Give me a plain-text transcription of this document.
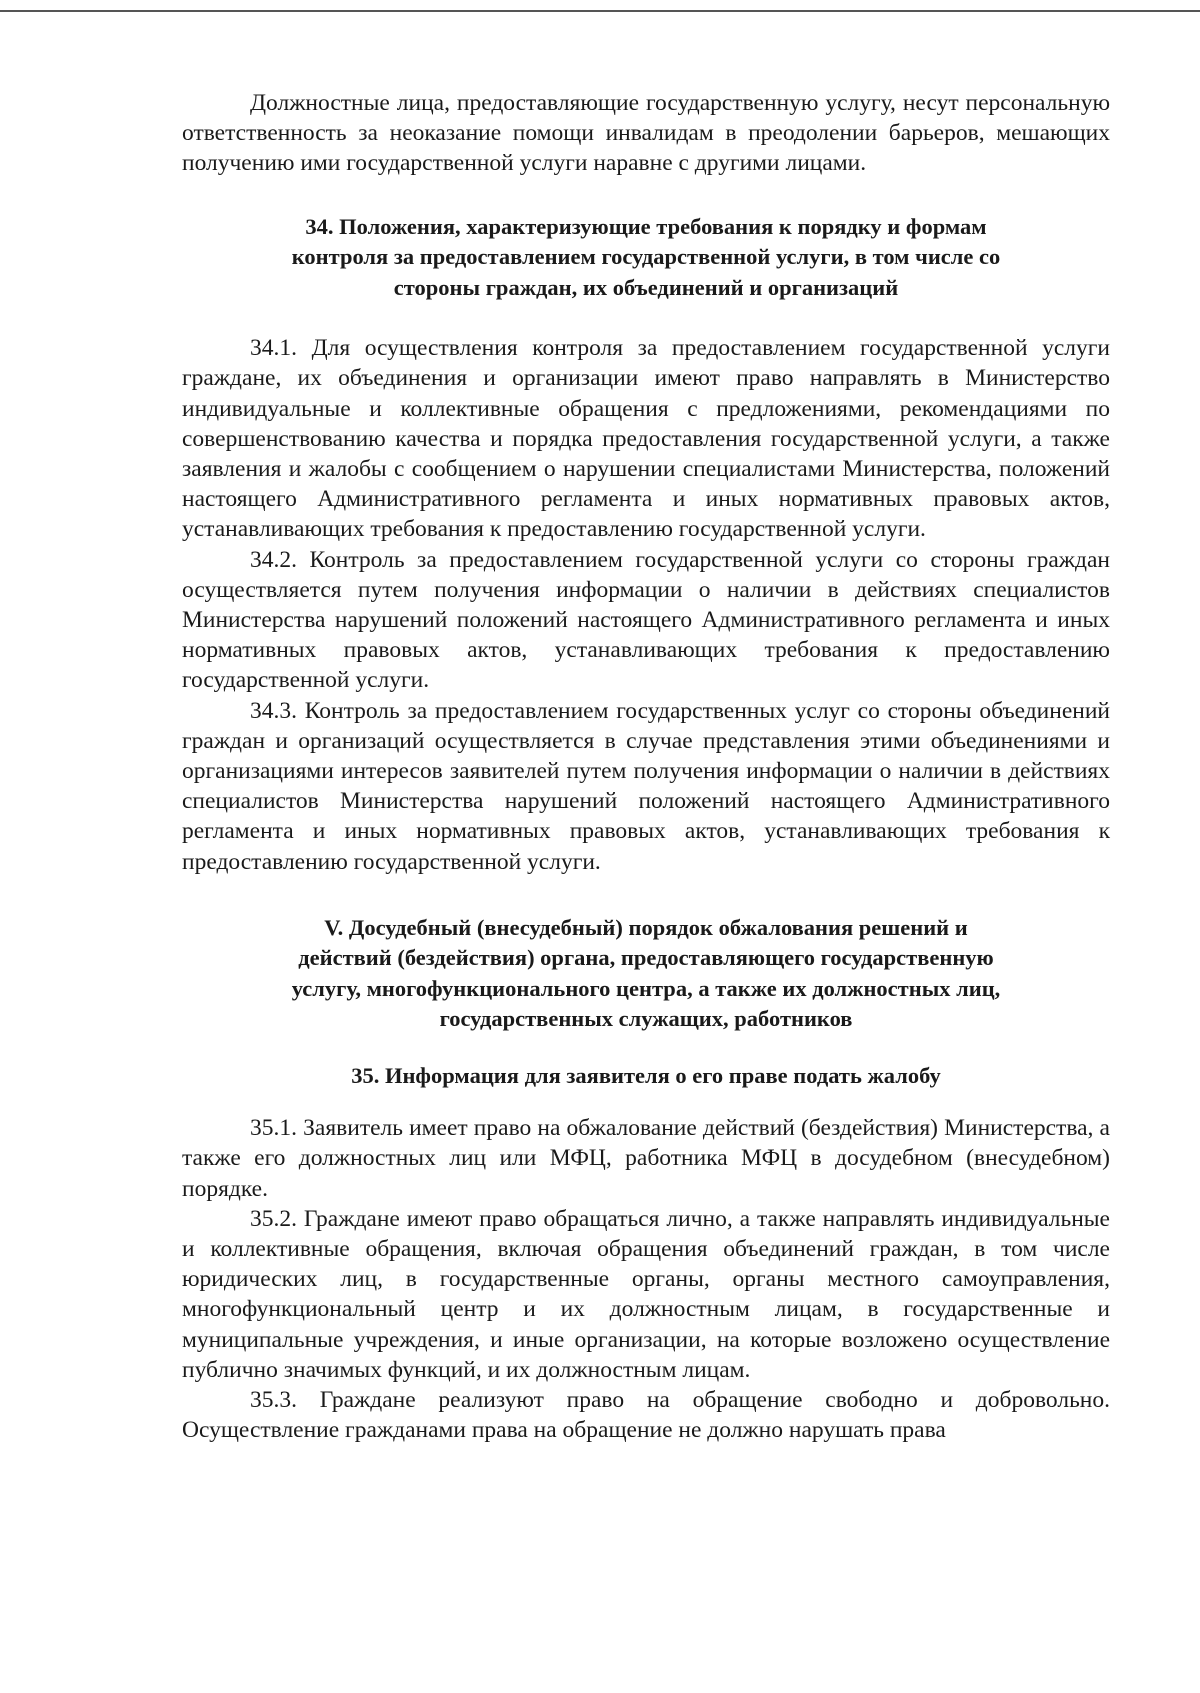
Должностные лица, предоставляющие государственную услугу, несут персональную ответственность за неоказание помощи инвалидам в преодолении барьеров, мешающих получению ими государственной услуги наравне с другими лицами.

34. Положения, характеризующие требования к порядку и формам
контроля за предоставлением государственной услуги, в том числе со
стороны граждан, их объединений и организаций

34.1. Для осуществления контроля за предоставлением государственной услуги граждане, их объединения и организации имеют право направлять в Министерство индивидуальные и коллективные обращения с предложениями, рекомендациями по совершенствованию качества и порядка предоставления государственной услуги, а также заявления и жалобы с сообщением о нарушении специалистами Министерства, положений настоящего Административного регламента и иных нормативных правовых актов, устанавливающих требования к предоставлению государственной услуги.

34.2. Контроль за предоставлением государственной услуги со стороны граждан осуществляется путем получения информации о наличии в действиях специалистов Министерства нарушений положений настоящего Административного регламента и иных нормативных правовых актов, устанавливающих требования к предоставлению государственной услуги.

34.3. Контроль за предоставлением государственных услуг со стороны объединений граждан и организаций осуществляется в случае представления этими объединениями и организациями интересов заявителей путем получения информации о наличии в действиях специалистов Министерства нарушений положений настоящего Административного регламента и иных нормативных правовых актов, устанавливающих требования к предоставлению государственной услуги.

V. Досудебный (внесудебный) порядок обжалования решений и
действий (бездействия) органа, предоставляющего государственную
услугу, многофункционального центра, а также их должностных лиц,
государственных служащих, работников
35. Информация для заявителя о его праве подать жалобу

35.1. Заявитель имеет право на обжалование действий (бездействия) Министерства, а также его должностных лиц или МФЦ, работника МФЦ в досудебном (внесудебном) порядке.

35.2. Граждане имеют право обращаться лично, а также направлять индивидуальные и коллективные обращения, включая обращения объединений граждан, в том числе юридических лиц, в государственные органы, органы местного самоуправления, многофункциональный центр и их должностным лицам, в государственные и муниципальные учреждения, и иные организации, на которые возложено осуществление публично значимых функций, и их должностным лицам.

35.3. Граждане реализуют право на обращение свободно и добровольно. Осуществление гражданами права на обращение не должно нарушать права
